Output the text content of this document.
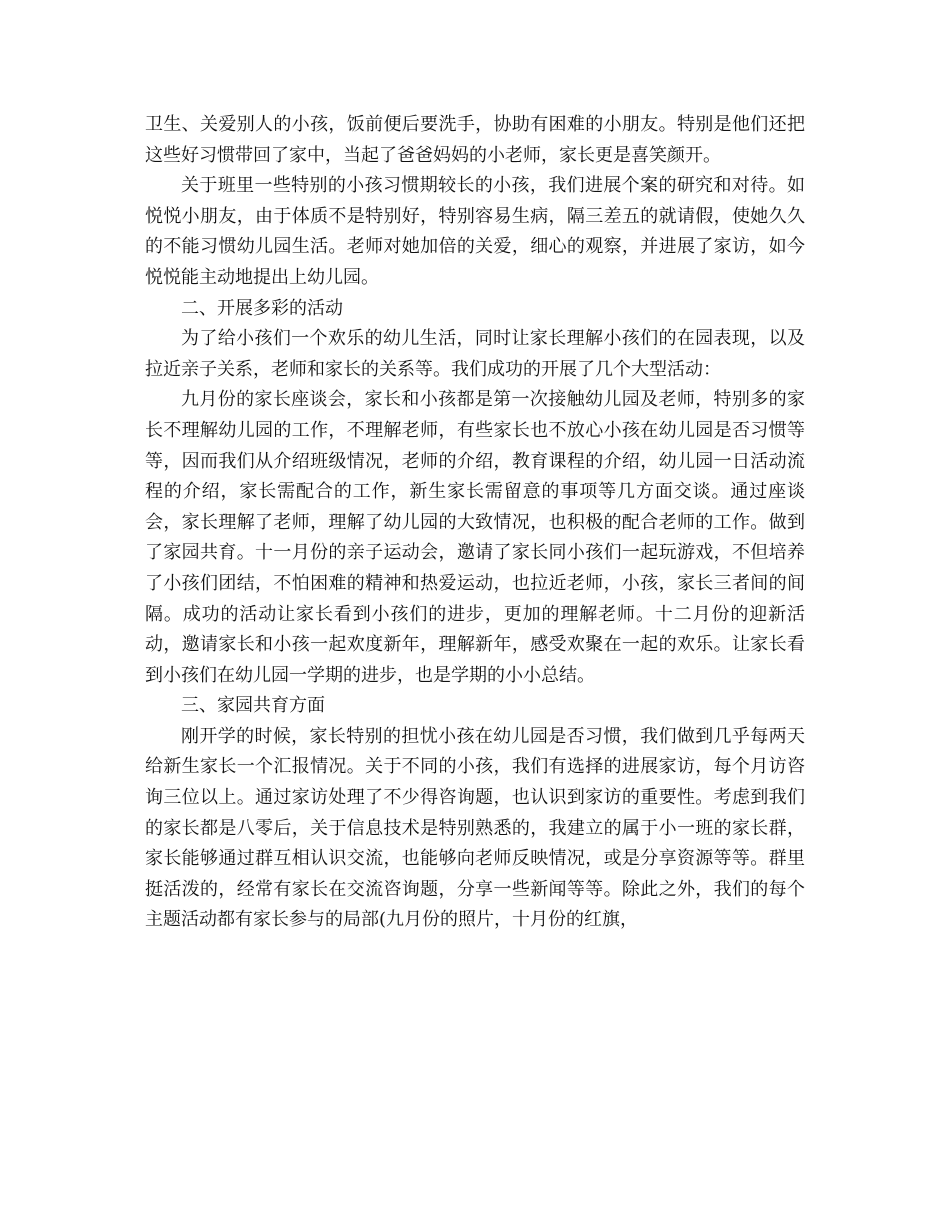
卫生、关爱别人的小孩，饭前便后要洗手，协助有困难的小朋友。特别是他们还把这些好习惯带回了家中，当起了爸爸妈妈的小老师，家长更是喜笑颜开。

关于班里一些特别的小孩习惯期较长的小孩，我们进展个案的研究和对待。如悦悦小朋友，由于体质不是特别好，特别容易生病，隔三差五的就请假，使她久久的不能习惯幼儿园生活。老师对她加倍的关爱，细心的观察，并进展了家访，如今悦悦能主动地提出上幼儿园。

二、开展多彩的活动

为了给小孩们一个欢乐的幼儿生活，同时让家长理解小孩们的在园表现，以及拉近亲子关系，老师和家长的关系等。我们成功的开展了几个大型活动：

九月份的家长座谈会，家长和小孩都是第一次接触幼儿园及老师，特别多的家长不理解幼儿园的工作，不理解老师，有些家长也不放心小孩在幼儿园是否习惯等等，因而我们从介绍班级情况，老师的介绍，教育课程的介绍，幼儿园一日活动流程的介绍，家长需配合的工作，新生家长需留意的事项等几方面交谈。通过座谈会，家长理解了老师，理解了幼儿园的大致情况，也积极的配合老师的工作。做到了家园共育。十一月份的亲子运动会，邀请了家长同小孩们一起玩游戏，不但培养了小孩们团结，不怕困难的精神和热爱运动，也拉近老师，小孩，家长三者间的间隔。成功的活动让家长看到小孩们的进步，更加的理解老师。十二月份的迎新活动，邀请家长和小孩一起欢度新年，理解新年，感受欢聚在一起的欢乐。让家长看到小孩们在幼儿园一学期的进步，也是学期的小小总结。

三、家园共育方面

刚开学的时候，家长特别的担忧小孩在幼儿园是否习惯，我们做到几乎每两天给新生家长一个汇报情况。关于不同的小孩，我们有选择的进展家访，每个月访咨询三位以上。通过家访处理了不少得咨询题，也认识到家访的重要性。考虑到我们的家长都是八零后，关于信息技术是特别熟悉的，我建立的属于小一班的家长群，家长能够通过群互相认识交流，也能够向老师反映情况，或是分享资源等等。群里挺活泼的，经常有家长在交流咨询题，分享一些新闻等等。除此之外，我们的每个主题活动都有家长参与的局部(九月份的照片，十月份的红旗，
